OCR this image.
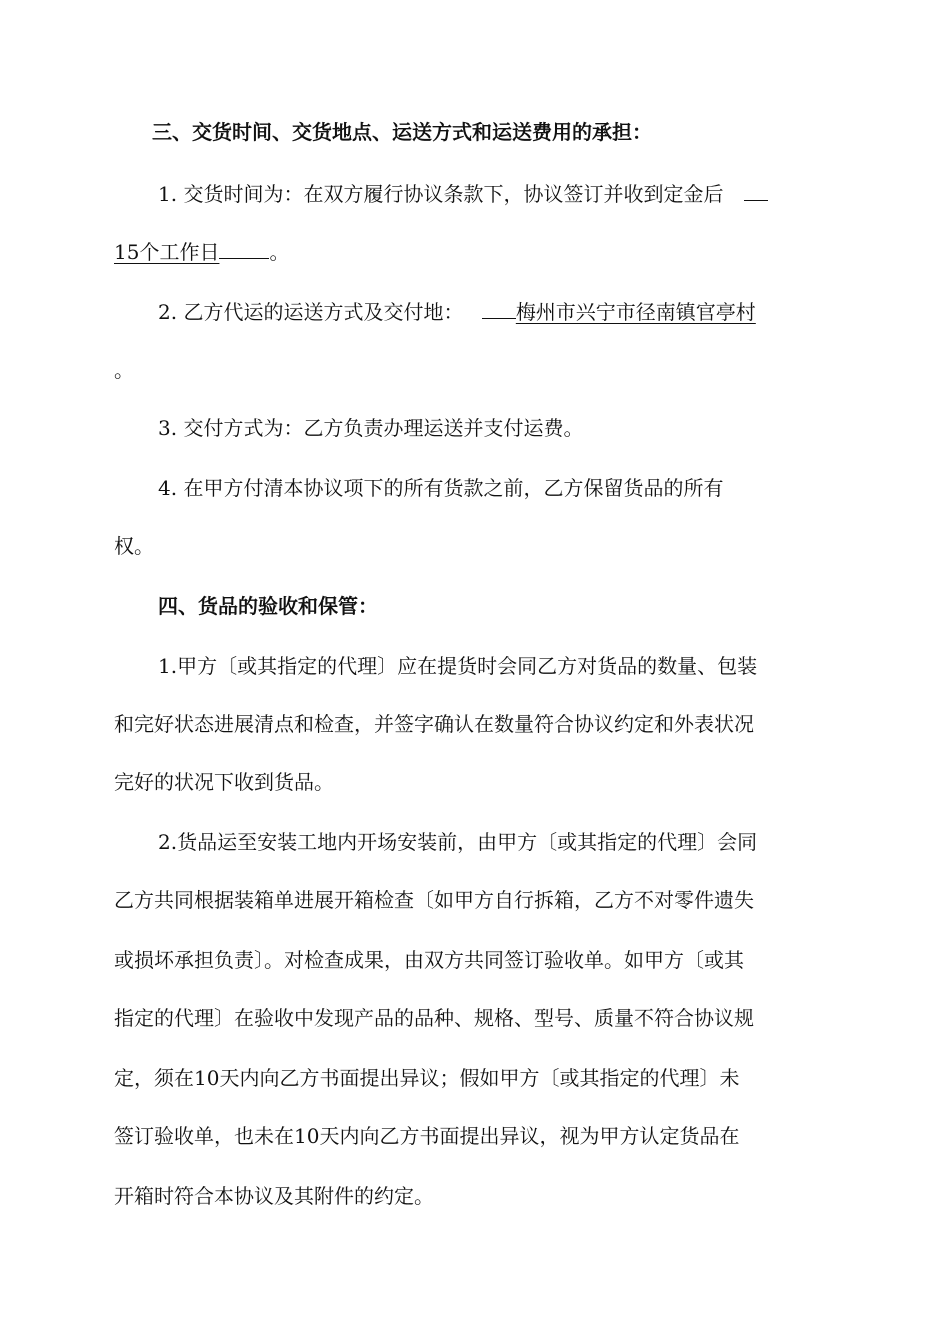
三、交货时间、交货地点、运送方式和运送费用的承担：
1. 交货时间为：在双方履行协议条款下，协议签订并收到定金后
15个工作日	。
2. 乙方代运的运送方式及交付地：	梅州市兴宁市径南镇官亭村
。
3. 交付方式为：乙方负责办理运送并支付运费。
4. 在甲方付清本协议项下的所有货款之前，乙方保留货品的所有
权。
四、货品的验收和保管：
1.甲方〔或其指定的代理〕应在提货时会同乙方对货品的数量、包装
和完好状态进展清点和检查，并签字确认在数量符合协议约定和外表状况
完好的状况下收到货品。
2.货品运至安装工地内开场安装前，由甲方〔或其指定的代理〕会同
乙方共同根据装箱单进展开箱检查〔如甲方自行拆箱，乙方不对零件遗失
或损坏承担负责〕。对检查成果，由双方共同签订验收单。如甲方〔或其
指定的代理〕在验收中发现产品的品种、规格、型号、质量不符合协议规
定，须在10天内向乙方书面提出异议；假如甲方〔或其指定的代理〕未
签订验收单，也未在10天内向乙方书面提出异议，视为甲方认定货品在
开箱时符合本协议及其附件的约定。
